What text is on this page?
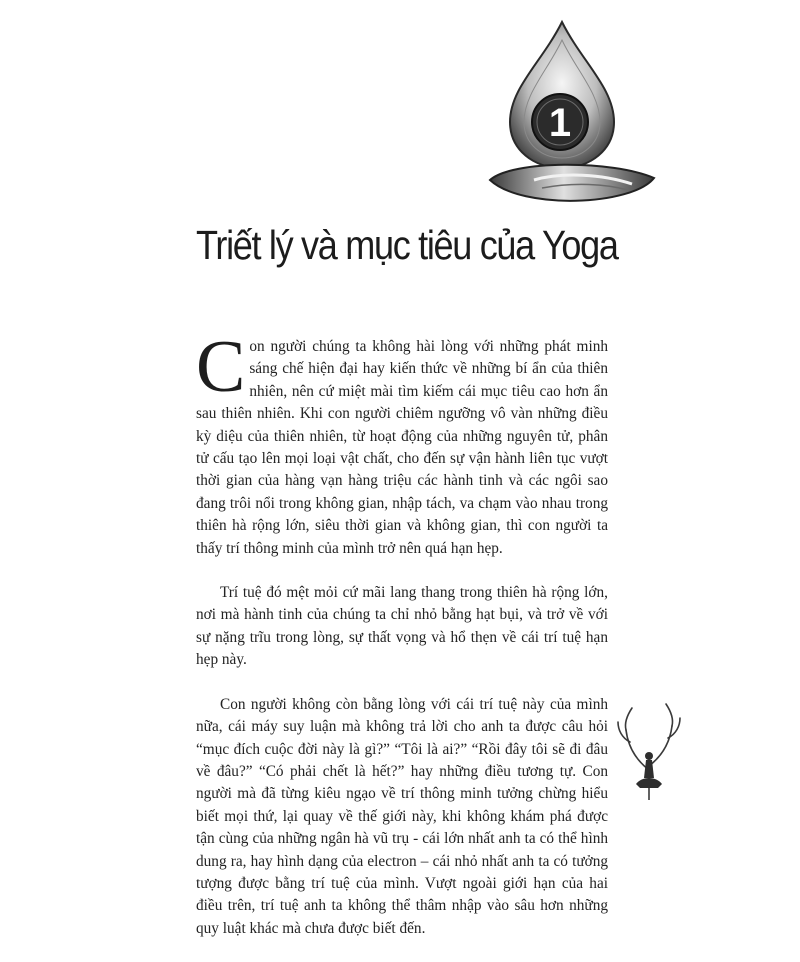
1
Triết lý và mục tiêu của Yoga

Con người chúng ta không hài lòng với những phát minh sáng chế hiện đại hay kiến thức về những bí ẩn của thiên nhiên, nên cứ miệt mài tìm kiếm cái mục tiêu cao hơn ẩn sau thiên nhiên. Khi con người chiêm ngưỡng vô vàn những điều kỳ diệu của thiên nhiên, từ hoạt động của những nguyên tử, phân tử cấu tạo lên mọi loại vật chất, cho đến sự vận hành liên tục vượt thời gian của hàng vạn hàng triệu các hành tinh và các ngôi sao đang trôi nổi trong không gian, nhập tách, va chạm vào nhau trong thiên hà rộng lớn, siêu thời gian và không gian, thì con người ta thấy trí thông minh của mình trở nên quá hạn hẹp.

Trí tuệ đó mệt mỏi cứ mãi lang thang trong thiên hà rộng lớn, nơi mà hành tinh của chúng ta chỉ nhỏ bằng hạt bụi, và trở về với sự nặng trĩu trong lòng, sự thất vọng và hổ thẹn về cái trí tuệ hạn hẹp này.

Con người không còn bằng lòng với cái trí tuệ này của mình nữa, cái máy suy luận mà không trả lời cho anh ta được câu hỏi “mục đích cuộc đời này là gì?” “Tôi là ai?” “Rồi đây tôi sẽ đi đâu về đâu?” “Có phải chết là hết?” hay những điều tương tự. Con người mà đã từng kiêu ngạo về trí thông minh tưởng chừng hiểu biết mọi thứ, lại quay về thế giới này, khi không khám phá được tận cùng của những ngân hà vũ trụ - cái lớn nhất anh ta có thể hình dung ra, hay hình dạng của electron – cái nhỏ nhất anh ta có tưởng tượng được bằng trí tuệ của mình. Vượt ngoài giới hạn của hai điều trên, trí tuệ anh ta không thể thâm nhập vào sâu hơn những quy luật khác mà chưa được biết đến.
